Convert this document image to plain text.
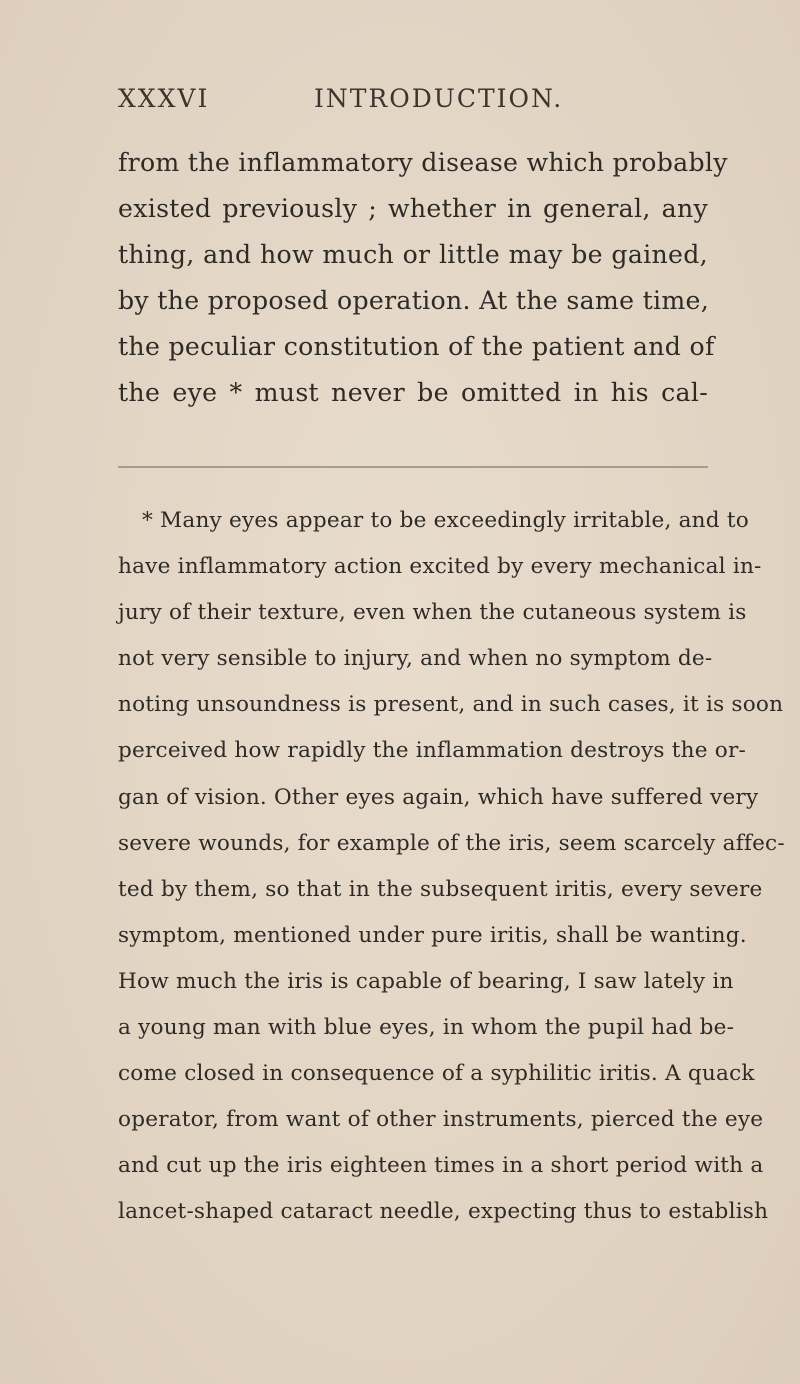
XXXVI	INTRODUCTION.
from the inflammatory disease which probably
existed previously ; whether in general, any
thing, and how much or little may be gained,
by the proposed operation. At the same time,
the peculiar constitution of the patient and of
the eye * must never be omitted in his cal-
* Many eyes appear to be exceedingly irritable, and to
have inflammatory action excited by every mechanical in-
jury of their texture, even when the cutaneous system is
not very sensible to injury, and when no symptom de-
noting unsoundness is present, and in such cases, it is soon
perceived how rapidly the inflammation destroys the or-
gan of vision. Other eyes again, which have suffered very
severe wounds, for example of the iris, seem scarcely affec-
ted by them, so that in the subsequent iritis, every severe
symptom, mentioned under pure iritis, shall be wanting.
How much the iris is capable of bearing, I saw lately in
a young man with blue eyes, in whom the pupil had be-
come closed in consequence of a syphilitic iritis. A quack
operator, from want of other instruments, pierced the eye
and cut up the iris eighteen times in a short period with a
lancet-shaped cataract needle, expecting thus to establish
